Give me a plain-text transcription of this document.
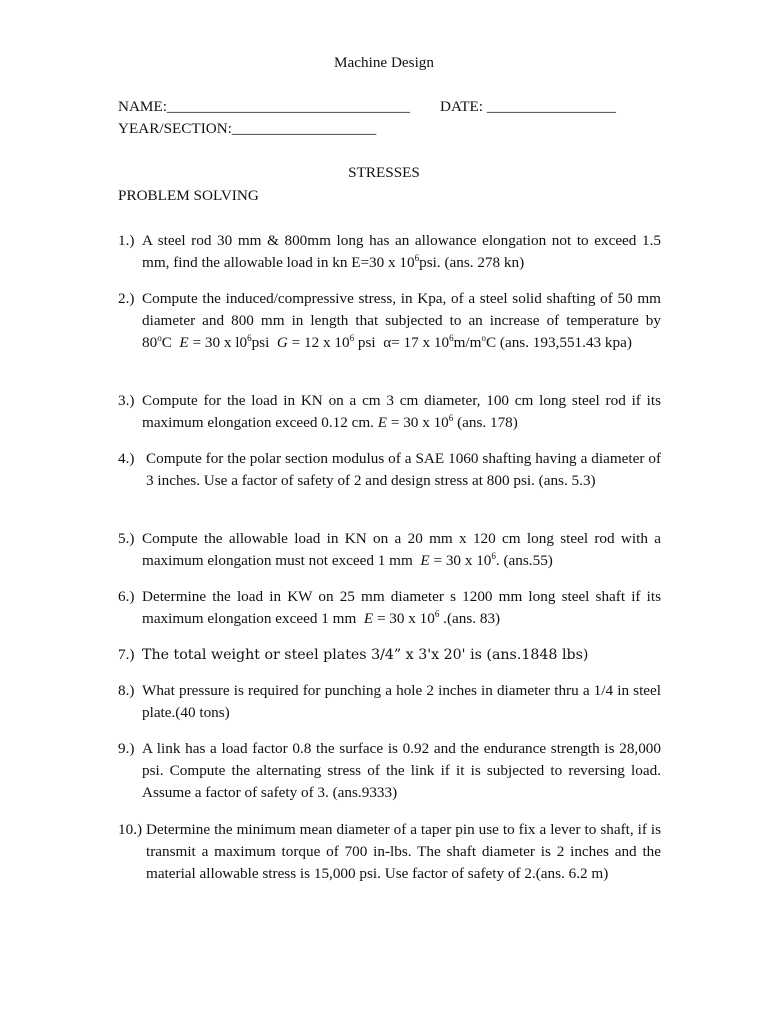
Machine Design
NAME:________________________________ DATE: _________________
YEAR/SECTION:___________________
STRESSES
PROBLEM SOLVING
1.) A steel rod 30 mm & 800mm long has an allowance elongation not to exceed 1.5 mm, find the allowable load in kn E=30 x $10^6psi$. (ans. 278 kn)
2.) Compute the induced/compressive stress, in Kpa, of a steel solid shafting of 50 mm diameter and 800 mm in length that subjected to an increase of temperature by 80$^o$C E = 30 x $l0^6psi$ G = 12 x $10^6$ psi α= 17 x $10^6m/m^oC$ (ans. 193,551.43 kpa)
3.) Compute for the load in KN on a cm 3 cm diameter, 100 cm long steel rod if its maximum elongation exceed 0.12 cm. E = 30 x $10^6$ (ans. 178)
4.) Compute for the polar section modulus of a SAE 1060 shafting having a diameter of 3 inches. Use a factor of safety of 2 and design stress at 800 psi. (ans. 5.3)
5.) Compute the allowable load in KN on a 20 mm x 120 cm long steel rod with a maximum elongation must not exceed 1 mm E = 30 x $10^6$. (ans.55)
6.) Determine the load in KW on 25 mm diameter s 1200 mm long steel shaft if its maximum elongation exceed 1 mm E = 30 x $10^6$ .(ans. 83)
7.) The total weight or steel plates 3/4” x 3'x 20' is (ans.1848 lbs)
8.) What pressure is required for punching a hole 2 inches in diameter thru a 1/4 in steel plate.(40 tons)
9.) A link has a load factor 0.8 the surface is 0.92 and the endurance strength is 28,000 psi. Compute the alternating stress of the link if it is subjected to reversing load. Assume a factor of safety of 3. (ans.9333)
10.) Determine the minimum mean diameter of a taper pin use to fix a lever to shaft, if is transmit a maximum torque of 700 in-lbs. The shaft diameter is 2 inches and the material allowable stress is 15,000 psi. Use factor of safety of 2.(ans. 6.2 m)
